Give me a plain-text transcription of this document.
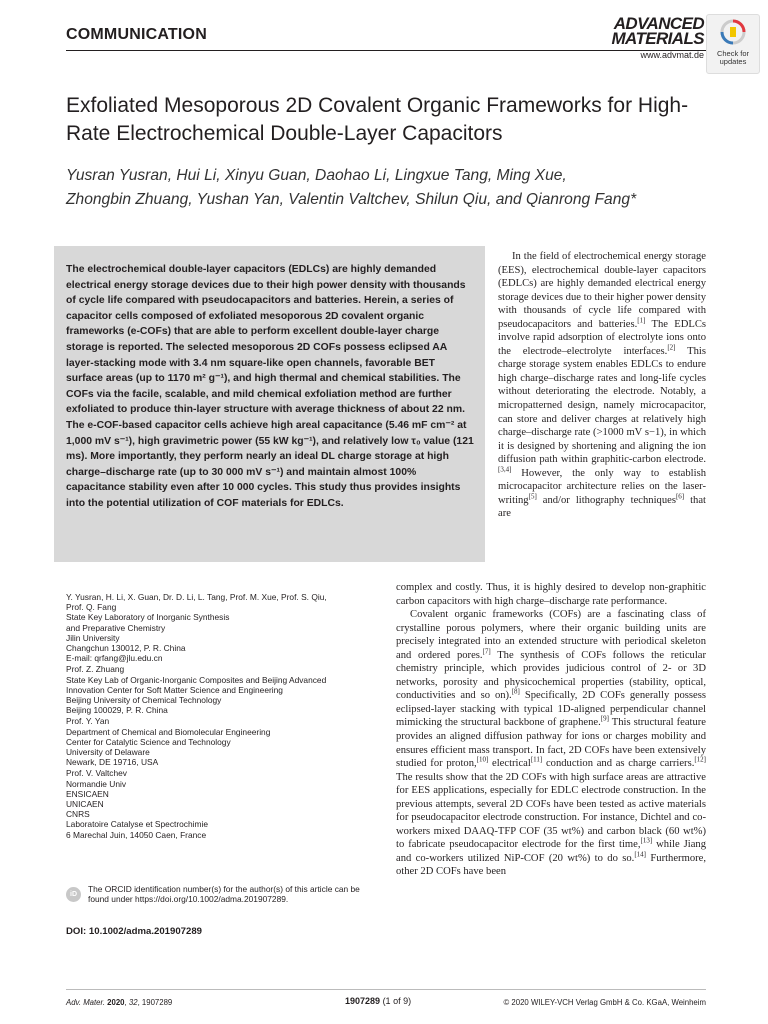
COMMUNICATION
ADVANCED
MATERIALS
www.advmat.de	Check for updates
Exfoliated Mesoporous 2D Covalent Organic Frameworks for High-Rate Electrochemical Double-Layer Capacitors
Yusran Yusran, Hui Li, Xinyu Guan, Daohao Li, Lingxue Tang, Ming Xue,
Zhongbin Zhuang, Yushan Yan, Valentin Valtchev, Shilun Qiu, and Qianrong Fang*
The electrochemical double-layer capacitors (EDLCs) are highly demanded electrical energy storage devices due to their high power density with thousands of cycle life compared with pseudocapacitors and batteries. Herein, a series of capacitor cells composed of exfoliated mesoporous 2D covalent organic frameworks (e-COFs) that are able to perform excellent double-layer charge storage is reported. The selected mesoporous 2D COFs possess eclipsed AA layer-stacking mode with 3.4 nm square-like open channels, favorable BET surface areas (up to 1170 m² g⁻¹), and high thermal and chemical stabilities. The COFs via the facile, scalable, and mild chemical exfoliation method are further exfoliated to produce thin-layer structure with average thickness of about 22 nm. The e-COF-based capacitor cells achieve high areal capacitance (5.46 mF cm⁻² at 1,000 mV s⁻¹), high gravimetric power (55 kW kg⁻¹), and relatively low τ₀ value (121 ms). More importantly, they perform nearly an ideal DL charge storage at high charge–discharge rate (up to 30 000 mV s⁻¹) and maintain almost 100% capacitance stability even after 10 000 cycles. This study thus provides insights into the potential utilization of COF materials for EDLCs.

In the field of electrochemical energy storage (EES), electrochemical double-layer capacitors (EDLCs) are highly demanded electrical energy storage devices due to their higher power density with thousands of cycle life compared with pseudocapacitors and batteries.[1] The EDLCs involve rapid adsorption of electrolyte ions onto the electrode–electrolyte interfaces.[2] This charge storage system enables EDLCs to endure high charge–discharge rates and long-life cycles without deteriorating the electrode. Notably, a micropatterned design, namely microcapacitor, can store and deliver charges at relatively high charge–discharge rate (>1000 mV s−1), in which it is designed by shortening and aligning the ion diffusion path within graphitic-carbon electrode.[3,4] However, the only way to establish microcapacitor architecture relies on the laser-writing[5] and/or lithography techniques[6] that are

complex and costly. Thus, it is highly desired to develop non-graphitic carbon capacitors with high charge–discharge rate performance.

Covalent organic frameworks (COFs) are a fascinating class of crystalline porous polymers, where their organic building units are precisely integrated into an extended structure with periodical skeleton and ordered pores.[7] The synthesis of COFs follows the reticular chemistry principle, which provides judicious control of 2- or 3D networks, porosity and physicochemical properties (stability, optical, conductivities and so on).[8] Specifically, 2D COFs generally possess eclipsed-layer stacking with typical 1D-aligned perpendicular channel mimicking the structural backbone of graphene.[9] This structural feature provides an aligned diffusion pathway for ions or charges mobility and ensures efficient mass transport. In fact, 2D COFs have been extensively studied for proton,[10] electrical[11] conduction and as charge carriers.[12] The results show that the 2D COFs with high surface areas are attractive for EES applications, especially for EDLC electrode construction. In the previous attempts, several 2D COFs have been tested as active materials for pseudocapacitor electrode construction. For instance, Dichtel and co-workers mixed DAAQ-TFP COF (35 wt%) and carbon black (60 wt%) to fabricate pseudocapacitor electrode for the first time,[13] while Jiang and co-workers utilized NiP-COF (20 wt%) to do so.[14] Furthermore, other 2D COFs have been

Y. Yusran, H. Li, X. Guan, Dr. D. Li, L. Tang, Prof. M. Xue, Prof. S. Qiu,
Prof. Q. Fang
State Key Laboratory of Inorganic Synthesis
and Preparative Chemistry
Jilin University
Changchun 130012, P. R. China
E-mail: qrfang@jlu.edu.cn
Prof. Z. Zhuang
State Key Lab of Organic-Inorganic Composites and Beijing Advanced
Innovation Center for Soft Matter Science and Engineering
Beijing University of Chemical Technology
Beijing 100029, P. R. China
Prof. Y. Yan
Department of Chemical and Biomolecular Engineering
Center for Catalytic Science and Technology
University of Delaware
Newark, DE 19716, USA
Prof. V. Valtchev
Normandie Univ
ENSICAEN
UNICAEN
CNRS
Laboratoire Catalyse et Spectrochimie
6 Marechal Juin, 14050 Caen, France
iD
The ORCID identification number(s) for the author(s) of this article can be found under https://doi.org/10.1002/adma.201907289.
DOI: 10.1002/adma.201907289
Adv. Mater. 2020, 32, 1907289	1907289 (1 of 9)	© 2020 WILEY-VCH Verlag GmbH & Co. KGaA, Weinheim
